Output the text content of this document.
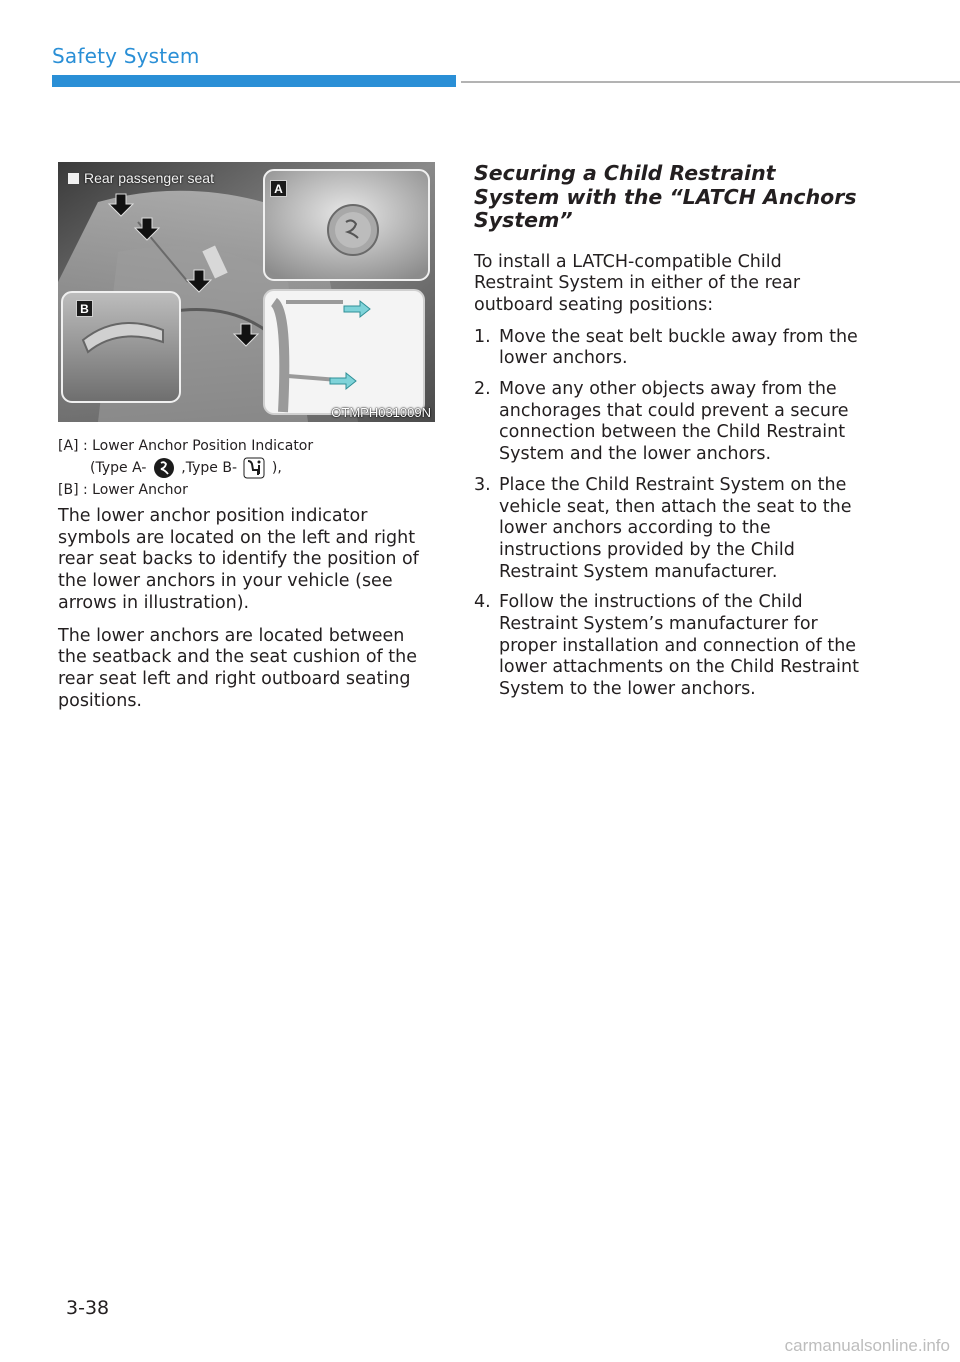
Safety System
Rear passenger seat
A
B
OTMPH031009N
[A] : Lower Anchor Position Indicator
(Type A- ,Type B- ),
[B] : Lower Anchor

The lower anchor position indicator symbols are located on the left and right rear seat backs to identify the position of the lower anchors in your vehicle (see arrows in illustration).

The lower anchors are located between the seatback and the seat cushion of the rear seat left and right outboard seating positions.

Securing a Child Restraint System with the “LATCH Anchors System”

To install a LATCH-compatible Child Restraint System in either of the rear outboard seating positions:

1. Move the seat belt buckle away from the lower anchors.
2. Move any other objects away from the anchorages that could prevent a secure connection between the Child Restraint System and the lower anchors.
3. Place the Child Restraint System on the vehicle seat, then attach the seat to the lower anchors according to the instructions provided by the Child Restraint System manufacturer.
4. Follow the instructions of the Child Restraint System’s manufacturer for proper installation and connection of the lower attachments on the Child Restraint System to the lower anchors.
3-38
carmanualsonline.info
